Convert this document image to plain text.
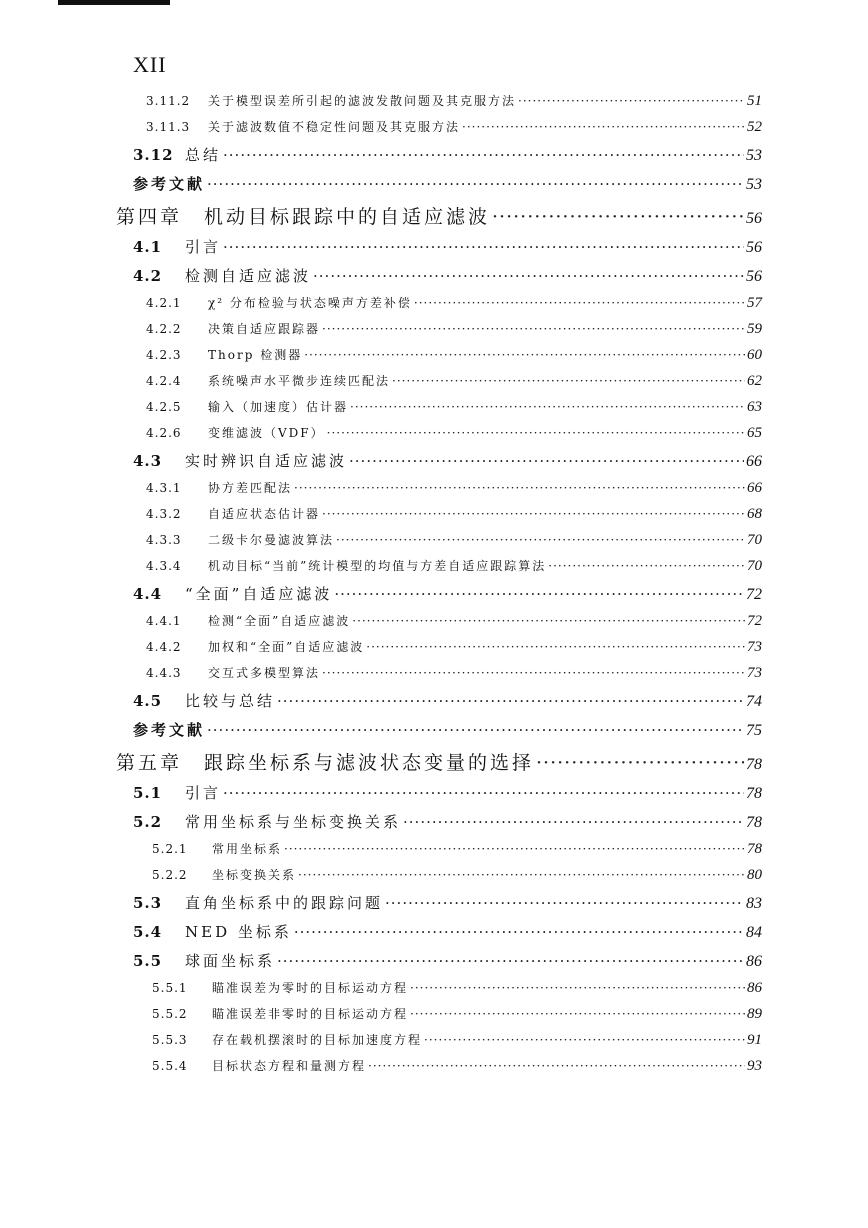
XII
3.11.2	关于模型误差所引起的滤波发散问题及其克服方法 ·····	51
3.11.3	关于滤波数值不稳定性问题及其克服方法 ·····	52
3.12 总结 ·····	53
参考文献 ·····	53
第四章　机动目标跟踪中的自适应滤波 ·····	56
4.1	引言 ·····	56
4.2	检测自适应滤波 ·····	56
4.2.1	χ² 分布检验与状态噪声方差补偿 ·····	57
4.2.2	决策自适应跟踪器 ·····	59
4.2.3	Thorp 检测器 ·····	60
4.2.4	系统噪声水平微步连续匹配法 ·····	62
4.2.5	输入（加速度）估计器 ·····	63
4.2.6	变维滤波（VDF） ·····	65
4.3	实时辨识自适应滤波 ·····	66
4.3.1	协方差匹配法 ·····	66
4.3.2	自适应状态估计器 ·····	68
4.3.3	二级卡尔曼滤波算法 ·····	70
4.3.4	机动目标“当前”统计模型的均值与方差自适应跟踪算法 ·····	70
4.4	“全面”自适应滤波 ·····	72
4.4.1	检测“全面”自适应滤波 ·····	72
4.4.2	加权和“全面”自适应滤波 ·····	73
4.4.3	交互式多模型算法 ·····	73
4.5	比较与总结 ·····	74
参考文献 ·····	75
第五章　跟踪坐标系与滤波状态变量的选择 ·····	78
5.1	引言 ·····	78
5.2	常用坐标系与坐标变换关系 ·····	78
5.2.1	常用坐标系 ·····	78
5.2.2	坐标变换关系 ·····	80
5.3	直角坐标系中的跟踪问题 ·····	83
5.4	NED 坐标系 ·····	84
5.5	球面坐标系 ·····	86
5.5.1	瞄准误差为零时的目标运动方程 ·····	86
5.5.2	瞄准误差非零时的目标运动方程 ·····	89
5.5.3	存在载机摆滚时的目标加速度方程 ·····	91
5.5.4	目标状态方程和量测方程 ·····	93
